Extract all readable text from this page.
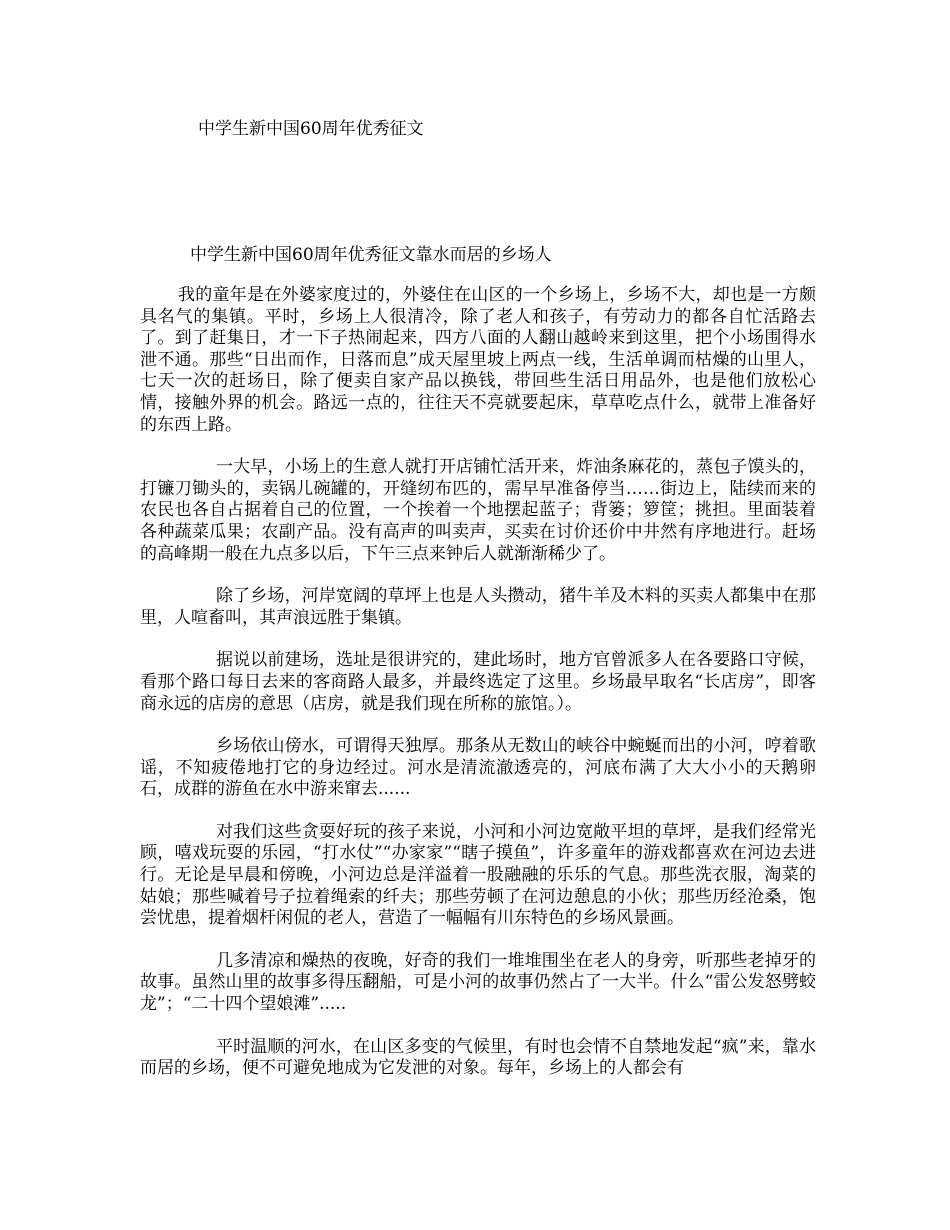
中学生新中国60周年优秀征文
中学生新中国60周年优秀征文靠水而居的乡场人

我的童年是在外婆家度过的，外婆住在山区的一个乡场上，乡场不大，却也是一方颇具名气的集镇。平时，乡场上人很清冷，除了老人和孩子，有劳动力的都各自忙活路去了。到了赶集日，才一下子热闹起来，四方八面的人翻山越岭来到这里，把个小场围得水泄不通。那些“日出而作，日落而息”成天屋里坡上两点一线，生活单调而枯燥的山里人，七天一次的赶场日，除了便卖自家产品以换钱，带回些生活日用品外，也是他们放松心情，接触外界的机会。路远一点的，往往天不亮就要起床，草草吃点什么，就带上准备好的东西上路。

一大早，小场上的生意人就打开店铺忙活开来，炸油条麻花的，蒸包子馍头的，打镰刀锄头的，卖锅儿碗罐的，开缝纫布匹的，需早早准备停当……街边上，陆续而来的农民也各自占据着自己的位置，一个挨着一个地摆起蓝子；背篓；箩筐；挑担。里面装着各种蔬菜瓜果；农副产品。没有高声的叫卖声，买卖在讨价还价中井然有序地进行。赶场的高峰期一般在九点多以后，下午三点来钟后人就渐渐稀少了。

除了乡场，河岸宽阔的草坪上也是人头攒动，猪牛羊及木料的买卖人都集中在那里，人喧畜叫，其声浪远胜于集镇。

据说以前建场，选址是很讲究的，建此场时，地方官曾派多人在各要路口守候，看那个路口每日去来的客商路人最多，并最终选定了这里。乡场最早取名“长店房”，即客商永远的店房的意思（店房，就是我们现在所称的旅馆。）。

乡场依山傍水，可谓得天独厚。那条从无数山的峡谷中蜿蜒而出的小河，哼着歌谣，不知疲倦地打它的身边经过。河水是清流澈透亮的，河底布满了大大小小的天鹅卵石，成群的游鱼在水中游来窜去......

对我们这些贪耍好玩的孩子来说，小河和小河边宽敞平坦的草坪，是我们经常光顾，嘻戏玩耍的乐园，“打水仗”“办家家”“瞎子摸鱼”，许多童年的游戏都喜欢在河边去进行。无论是早晨和傍晚，小河边总是洋溢着一股融融的乐乐的气息。那些洗衣服，淘菜的姑娘；那些喊着号子拉着绳索的纤夫；那些劳顿了在河边憩息的小伙；那些历经沧桑，饱尝忧患，提着烟杆闲侃的老人，营造了一幅幅有川东特色的乡场风景画。

几多清凉和燥热的夜晚，好奇的我们一堆堆围坐在老人的身旁，听那些老掉牙的故事。虽然山里的故事多得压翻船，可是小河的故事仍然占了一大半。什么“雷公发怒劈蛟龙”；“二十四个望娘滩”.....

平时温顺的河水，在山区多变的气候里，有时也会情不自禁地发起“疯”来，靠水而居的乡场，便不可避免地成为它发泄的对象。每年，乡场上的人都会有
